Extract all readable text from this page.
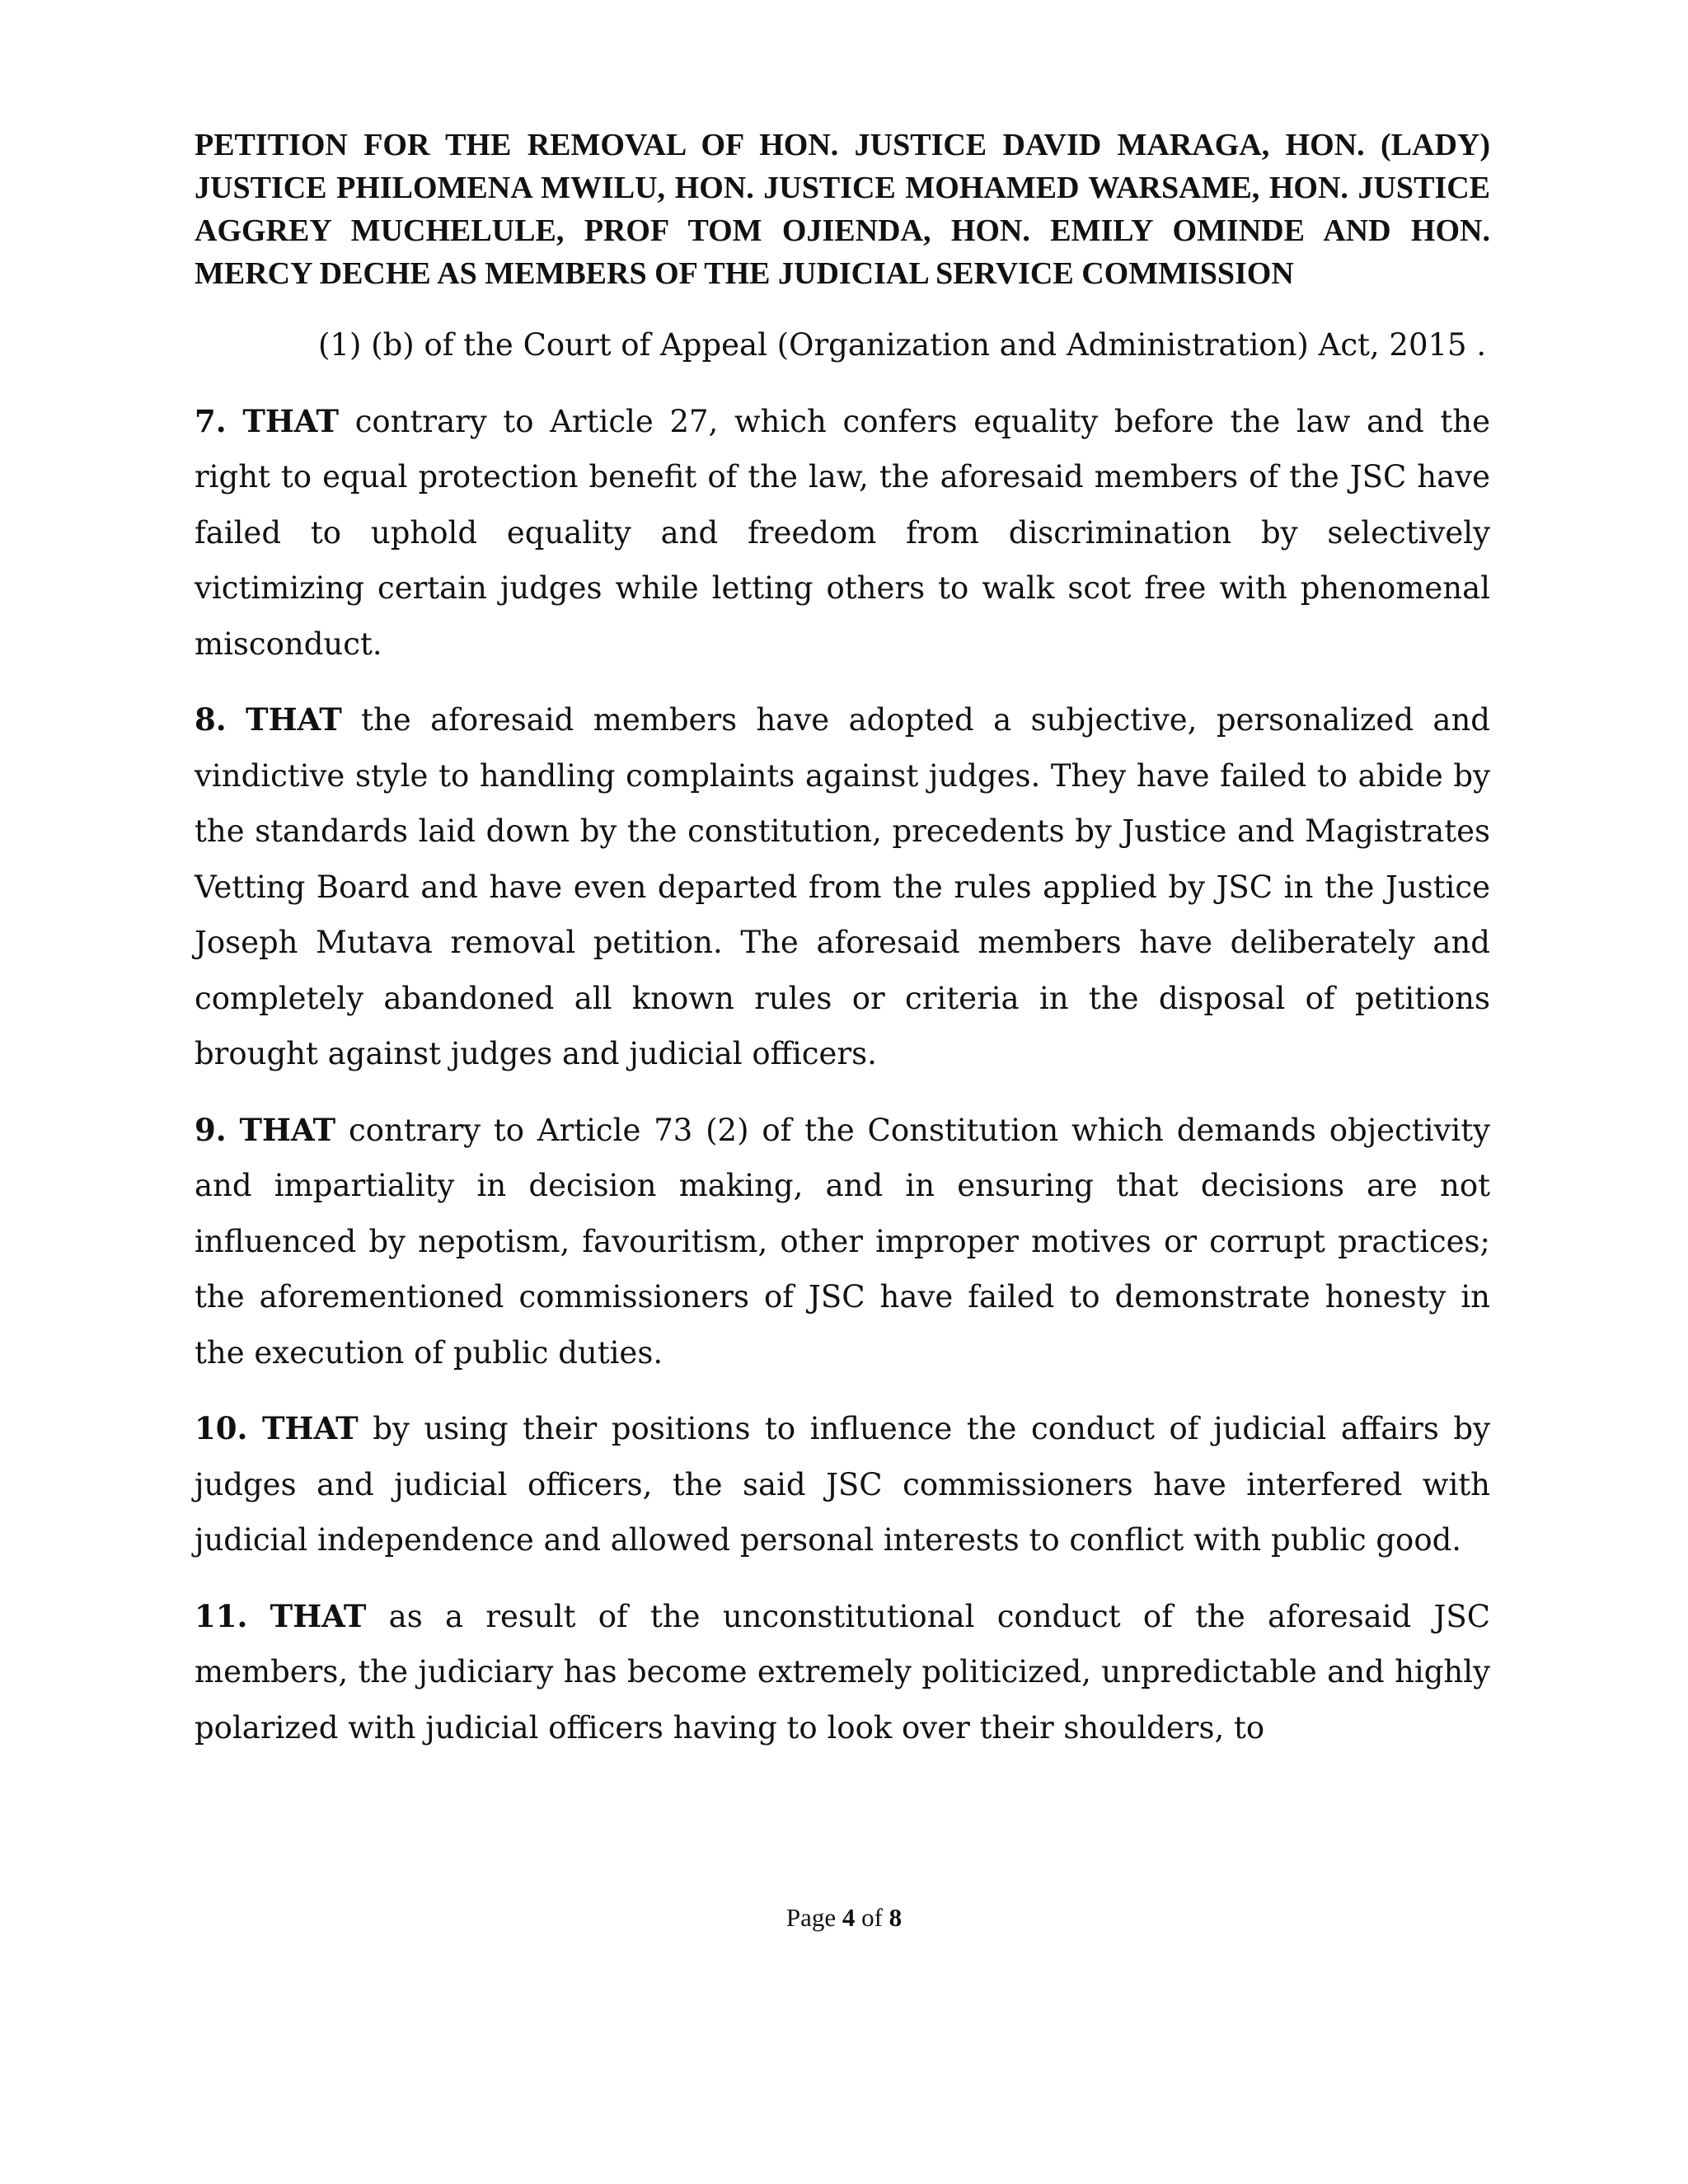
PETITION FOR THE REMOVAL OF HON. JUSTICE DAVID MARAGA, HON. (LADY) JUSTICE PHILOMENA MWILU, HON. JUSTICE MOHAMED WARSAME, HON. JUSTICE AGGREY MUCHELULE, PROF TOM OJIENDA, HON. EMILY OMINDE AND HON. MERCY DECHE AS MEMBERS OF THE JUDICIAL SERVICE COMMISSION

(1) (b) of the Court of Appeal (Organization and Administration) Act, 2015 .

7. THAT contrary to Article 27, which confers equality before the law and the right to equal protection benefit of the law, the aforesaid members of the JSC have failed to uphold equality and freedom from discrimination by selectively victimizing certain judges while letting others to walk scot free with phenomenal misconduct.

8. THAT the aforesaid members have adopted a subjective, personalized and vindictive style to handling complaints against judges. They have failed to abide by the standards laid down by the constitution, precedents by Justice and Magistrates Vetting Board and have even departed from the rules applied by JSC in the Justice Joseph Mutava removal petition. The aforesaid members have deliberately and completely abandoned all known rules or criteria in the disposal of petitions brought against judges and judicial officers.

9. THAT contrary to Article 73 (2) of the Constitution which demands objectivity and impartiality in decision making, and in ensuring that decisions are not influenced by nepotism, favouritism, other improper motives or corrupt practices; the aforementioned commissioners of JSC have failed to demonstrate honesty in the execution of public duties.

10. THAT by using their positions to influence the conduct of judicial affairs by judges and judicial officers, the said JSC commissioners have interfered with judicial independence and allowed personal interests to conflict with public good.

11. THAT as a result of the unconstitutional conduct of the aforesaid JSC members, the judiciary has become extremely politicized, unpredictable and highly polarized with judicial officers having to look over their shoulders, to

Page 4 of 8
